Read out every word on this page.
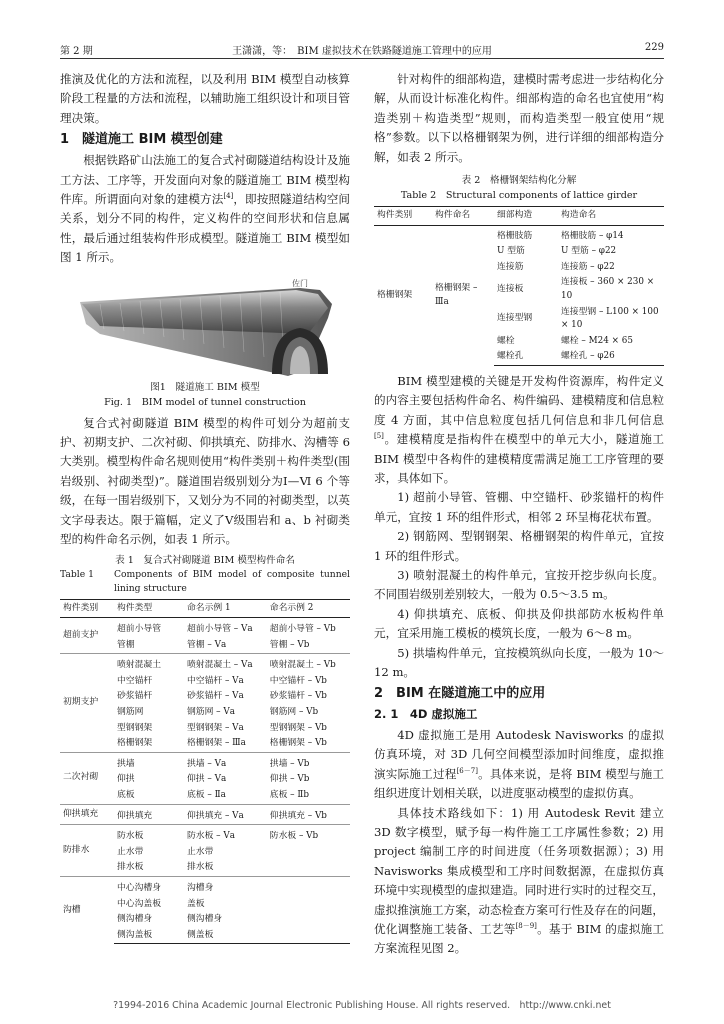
第 2 期	王潇潇，等：　BIM 虚拟技术在铁路隧道施工管理中的应用	229

推演及优化的方法和流程，以及利用 BIM 模型自动核算阶段工程量的方法和流程，以辅助施工组织设计和项目管理决策。

1　隧道施工 BIM 模型创建

根据铁路矿山法施工的复合式衬砌隧道结构设计及施工方法、工序等，开发面向对象的隧道施工 BIM 模型构件库。所谓面向对象的建模方法[4]，即按照隧道结构空间关系，划分不同的构件，定义构件的空间形状和信息属性，最后通过组装构件形成模型。隧道施工 BIM 模型如图 1 所示。

佐门
图1　隧道施工 BIM 模型
Fig. 1　BIM model of tunnel construction

复合式衬砌隧道 BIM 模型的构件可划分为超前支护、初期支护、二次衬砌、仰拱填充、防排水、沟槽等 6 大类别。模型构件命名规则使用“构件类别＋构件类型(围岩级别、衬砌类型)”。隧道围岩级别划分为Ⅰ—Ⅵ 6 个等级，在每一围岩级别下，又划分为不同的衬砌类型，以英文字母表达。限于篇幅，定义了Ⅴ级围岩和 a、b 衬砌类型的构件命名示例，如表 1 所示。

表 1　复合式衬砌隧道 BIM 模型构件命名
Table 1	Components of BIM model of composite tunnel lining structure
构件类别	构件类型	命名示例 1	命名示例 2
超前支护	超前小导管	超前小导管 – Ⅴa	超前小导管 – Ⅴb
	管棚	管棚 – Ⅴa	管棚 – Ⅴb
初期支护	喷射混凝土	喷射混凝土 – Ⅴa	喷射混凝土 – Ⅴb
	中空锚杆	中空锚杆 – Ⅴa	中空锚杆 – Ⅴb
	砂浆锚杆	砂浆锚杆 – Ⅴa	砂浆锚杆 – Ⅴb
	钢筋网	钢筋网 – Ⅴa	钢筋网 – Ⅴb
	型钢钢架	型钢钢架 – Ⅴa	型钢钢架 – Ⅴb
	格栅钢架	格栅钢架 – Ⅲa	格栅钢架 – Ⅴb
二次衬砌	拱墙	拱墙 – Ⅴa	拱墙 – Ⅴb
	仰拱	仰拱 – Ⅴa	仰拱 – Ⅴb
	底板	底板 – Ⅱa	底板 – Ⅱb
仰拱填充	仰拱填充	仰拱填充 – Ⅴa	仰拱填充 – Ⅴb
防排水	防水板	防水板 – Ⅴa	防水板 – Ⅴb
	止水带	止水带	
	排水板	排水板	
沟槽	中心沟槽身	沟槽身	
	中心沟盖板	盖板	
	侧沟槽身	侧沟槽身	
	侧沟盖板	侧盖板	

针对构件的细部构造，建模时需考虑进一步结构化分解，从而设计标准化构件。细部构造的命名也宜使用“构造类别＋构造类型”规则，而构造类型一般宜使用“规格”参数。以下以格栅钢架为例，进行详细的细部构造分解，如表 2 所示。

表 2　格栅钢架结构化分解
Table 2　Structural components of lattice girder
构件类别	构件命名	细部构造	构造命名
格栅钢架	格栅钢架 – Ⅲa	格栅肢筋	格栅肢筋 – φ14
		U 型筋	U 型筋 – φ22
		连接筋	连接筋 – φ22
		连接板	连接板 – 360 × 230 × 10
		连接型钢	连接型钢 – L100 × 100 × 10
		螺栓	螺栓 – M24 × 65
		螺栓孔	螺栓孔 – φ26

BIM 模型建模的关键是开发构件资源库，构件定义的内容主要包括构件命名、构件编码、建模精度和信息粒度 4 方面，其中信息粒度包括几何信息和非几何信息[5]。建模精度是指构件在模型中的单元大小，隧道施工 BIM 模型中各构件的建模精度需满足施工工序管理的要求，具体如下。

1) 超前小导管、管棚、中空锚杆、砂浆锚杆的构件单元，宜按 1 环的组件形式，相邻 2 环呈梅花状布置。

2) 钢筋网、型钢钢架、格栅钢架的构件单元，宜按 1 环的组件形式。

3) 喷射混凝土的构件单元，宜按开挖步纵向长度。不同围岩级别差别较大，一般为 0.5～3.5 m。

4) 仰拱填充、底板、仰拱及仰拱部防水板构件单元，宜采用施工模板的模筑长度，一般为 6～8 m。

5) 拱墙构件单元，宜按模筑纵向长度，一般为 10～12 m。

2　BIM 在隧道施工中的应用
2. 1　4D 虚拟施工

4D 虚拟施工是用 Autodesk Navisworks 的虚拟仿真环境，对 3D 几何空间模型添加时间维度，虚拟推演实际施工过程[6－7]。具体来说，是将 BIM 模型与施工组织进度计划相关联，以进度驱动模型的虚拟仿真。

具体技术路线如下：1) 用 Autodesk Revit 建立 3D 数字模型，赋予每一构件施工工序属性参数；2) 用 project 编制工序的时间进度（任务项数据源）；3) 用 Navisworks 集成模型和工序时间数据源，在虚拟仿真环境中实现模型的虚拟建造。同时进行实时的过程交互，虚拟推演施工方案，动态检查方案可行性及存在的问题，优化调整施工装备、工艺等[8－9]。基于 BIM 的虚拟施工方案流程见图 2。

?1994-2016 China Academic Journal Electronic Publishing House. All rights reserved.　http://www.cnki.net
